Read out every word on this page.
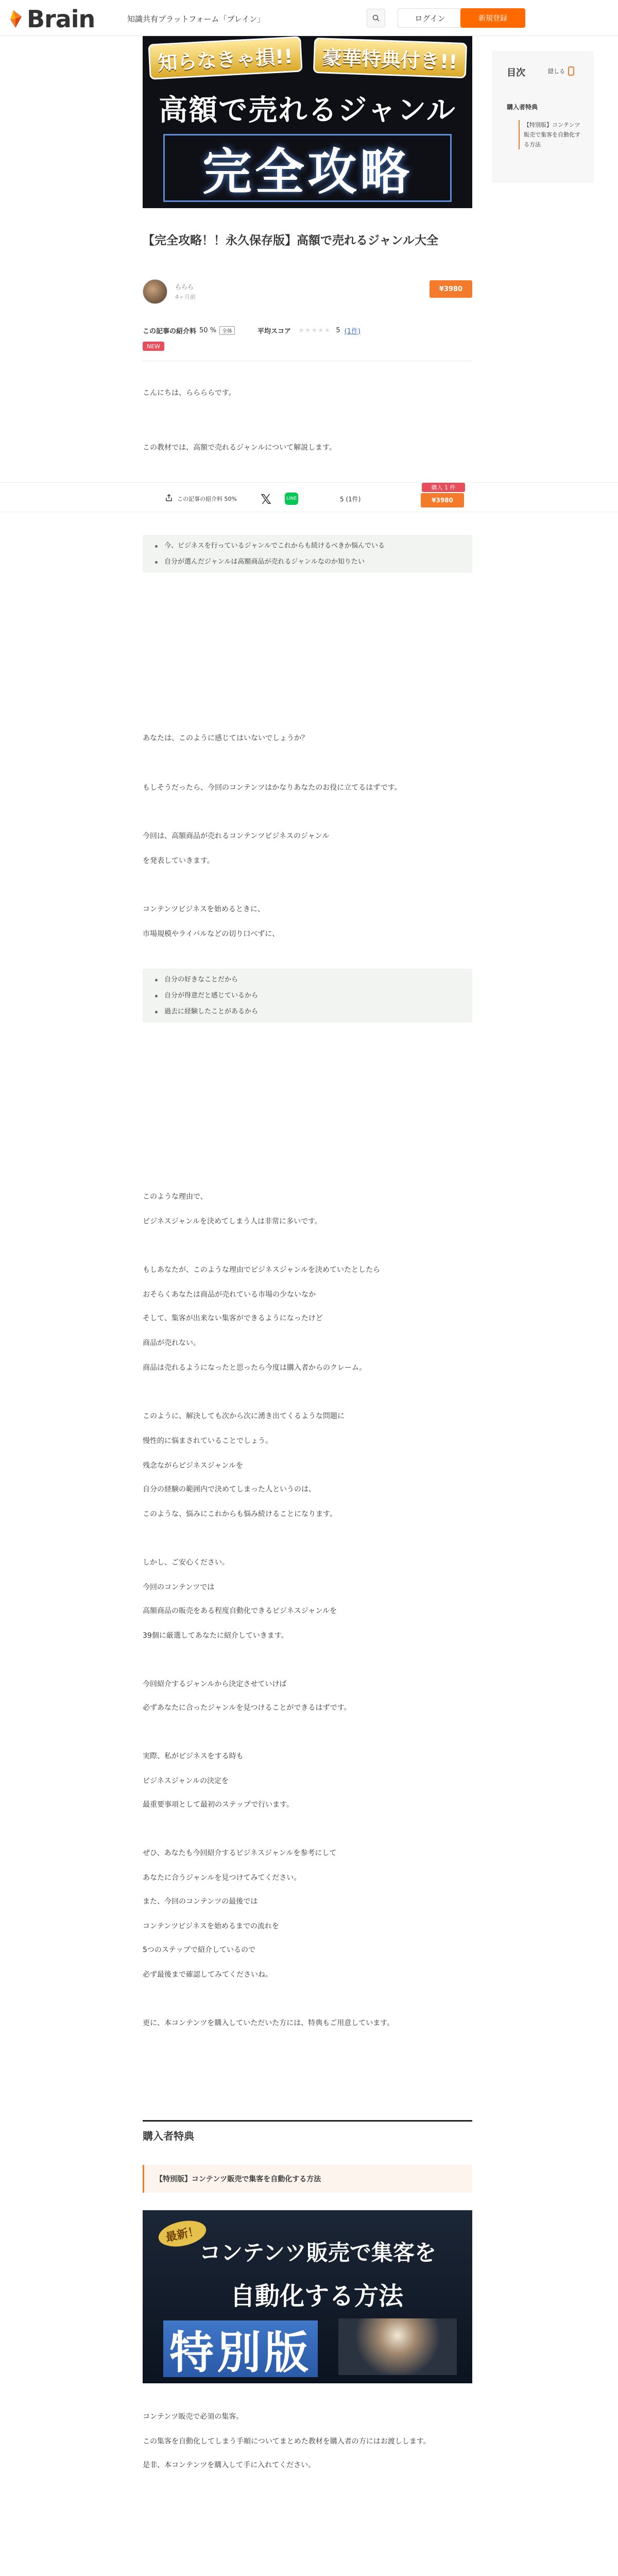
Brain	知識共有プラットフォーム「ブレイン」	ログイン	新規登録
知らなきゃ損!!	豪華特典付き!!
高額で売れるジャンル
完全攻略
目次	隠しる
購入者特典
【特別版】コンテンツ販売で集客を自動化する方法
【完全攻略！！永久保存版】高額で売れるジャンル大全
ららら
4ヶ月前
¥3980
この記事の紹介料 50 %	全体	平均スコア ★★★★★ 5 (1件)
NEW

こんにちは、ららららです。

この教材では、高額で売れるジャンルについて解説します。

この記事の紹介料 50% 𝕏	LINE	5 (1件)
購入 1 件
¥3980
今、ビジネスを行っているジャンルでこれからも続けるべきか悩んでいる
自分が選んだジャンルは高額商品が売れるジャンルなのか知りたい

あなたは、このように感じてはいないでしょうか？

もしそうだったら、今回のコンテンツはかなりあなたのお役に立てるはずです。

今回は、高額商品が売れるコンテンツビジネスのジャンル

を発表していきます。

コンテンツビジネスを始めるときに、

市場規模やライバルなどの切り口べずに、

自分の好きなことだから
自分が得意だと感じているから
過去に経験したことがあるから

このような理由で、

ビジネスジャンルを決めてしまう人は非常に多いです。

もしあなたが、このような理由でビジネスジャンルを決めていたとしたら

おそらくあなたは商品が売れている市場の少ないなか

そして、集客が出来ない集客ができるようになったけど

商品が売れない。

商品は売れるようになったと思ったら今度は購入者からのクレーム。

このように、解決しても次から次に湧き出てくるような問題に

慢性的に悩まされていることでしょう。

残念ながらビジネスジャンルを

自分の経験の範囲内で決めてしまった人というのは、

このような、悩みにこれからも悩み続けることになります。

しかし、ご安心ください。

今回のコンテンツでは

高額商品の販売をある程度自動化できるビジネスジャンルを

39個に厳選してあなたに紹介していきます。

今回紹介するジャンルから決定させていけば

必ずあなたに合ったジャンルを見つけることができるはずです。

実際、私がビジネスをする時も

ビジネスジャンルの決定を

最重要事項として最初のステップで行います。

ぜひ、あなたも今回紹介するビジネスジャンルを参考にして

あなたに合うジャンルを見つけてみてください。

また、今回のコンテンツの最後では

コンテンツビジネスを始めるまでの流れを

5つのステップで紹介しているので

必ず最後まで確認してみてくださいね。

更に、本コンテンツを購入していただいた方には、特典もご用意しています。

購入者特典
【特別版】コンテンツ販売で集客を自動化する方法
最新！
コンテンツ販売で集客を
自動化する方法
特別版

コンテンツ販売で必須の集客。

この集客を自動化してしまう手順についてまとめた教材を購入者の方にはお渡しします。

是非、本コンテンツを購入して手に入れてください。
